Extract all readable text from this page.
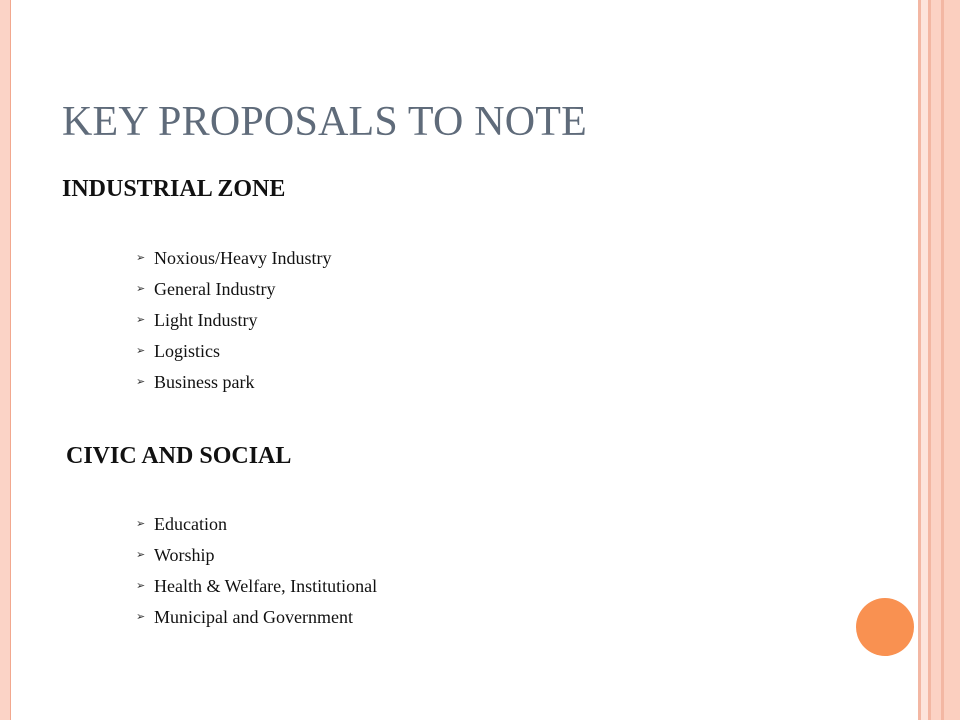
KEY PROPOSALS TO NOTE
INDUSTRIAL ZONE
➢ Noxious/Heavy Industry
➢ General Industry
➢ Light Industry
➢ Logistics
➢ Business park
CIVIC AND SOCIAL
➢ Education
➢ Worship
➢ Health & Welfare, Institutional
➢ Municipal and Government
